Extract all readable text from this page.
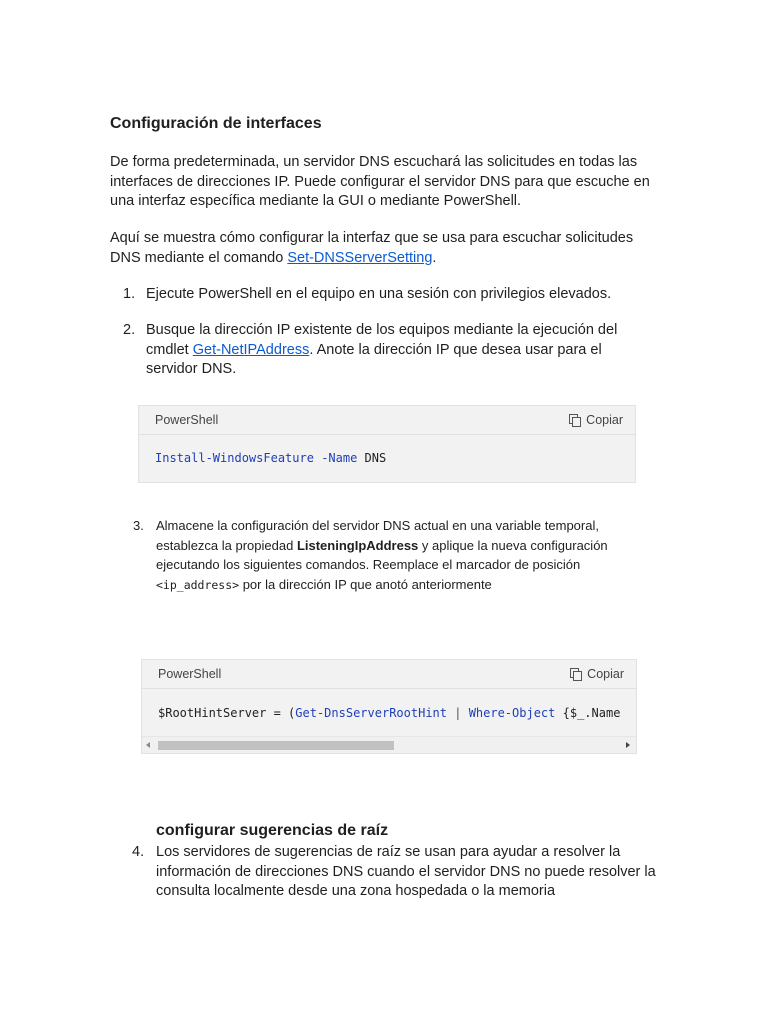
Configuración de interfaces

De forma predeterminada, un servidor DNS escuchará las solicitudes en todas las interfaces de direcciones IP. Puede configurar el servidor DNS para que escuche en una interfaz específica mediante la GUI o mediante PowerShell.

Aquí se muestra cómo configurar la interfaz que se usa para escuchar solicitudes DNS mediante el comando Set-DNSServerSetting.

1. Ejecute PowerShell en el equipo en una sesión con privilegios elevados.

2. Busque la dirección IP existente de los equipos mediante la ejecución del cmdlet Get-NetIPAddress. Anote la dirección IP que desea usar para el servidor DNS.

PowerShell	Copiar
Install-WindowsFeature -Name DNS
3. Almacene la configuración del servidor DNS actual en una variable temporal, establezca la propiedad ListeningIpAddress y aplique la nueva configuración ejecutando los siguientes comandos. Reemplace el marcador de posición <ip_address> por la dirección IP que anotó anteriormente

PowerShell	Copiar
$RootHintServer = (Get-DnsServerRootHint | Where-Object {$_.Name
configurar sugerencias de raíz
4. Los servidores de sugerencias de raíz se usan para ayudar a resolver la información de direcciones DNS cuando el servidor DNS no puede resolver la consulta localmente desde una zona hospedada o la memoria
